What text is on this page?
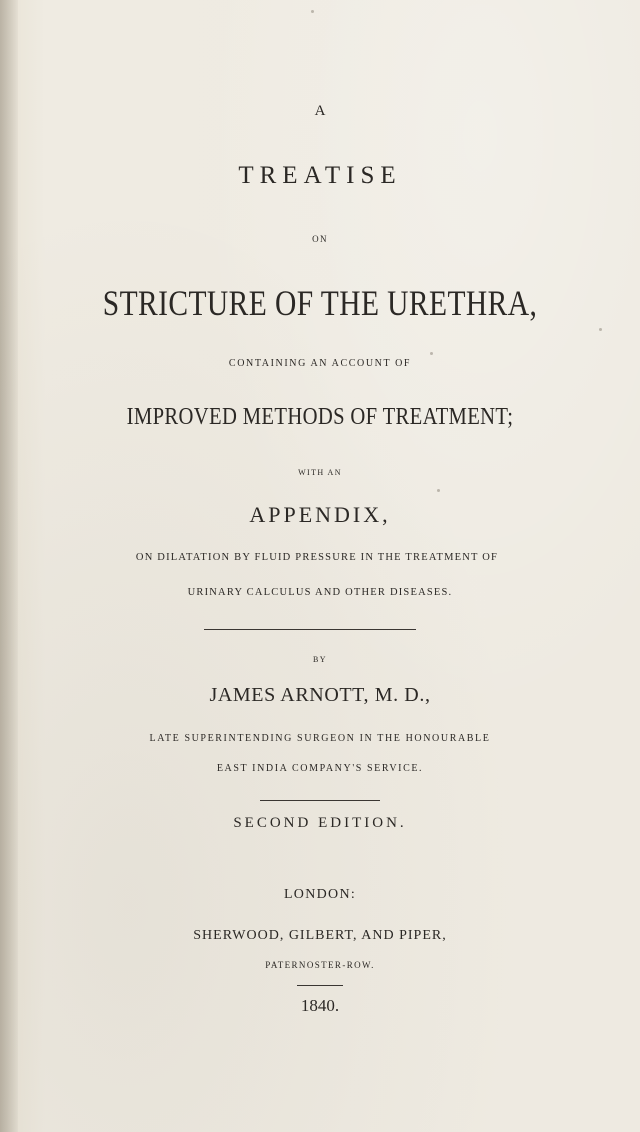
A
TREATISE
ON
STRICTURE OF THE URETHRA,
CONTAINING AN ACCOUNT OF
IMPROVED METHODS OF TREATMENT;
WITH AN
APPENDIX,
ON DILATATION BY FLUID PRESSURE IN THE TREATMENT OF
URINARY CALCULUS AND OTHER DISEASES.
BY
JAMES ARNOTT, M. D.,
LATE SUPERINTENDING SURGEON IN THE HONOURABLE
EAST INDIA COMPANY'S SERVICE.
SECOND EDITION.
LONDON:
SHERWOOD, GILBERT, AND PIPER,
PATERNOSTER-ROW.
1840.
